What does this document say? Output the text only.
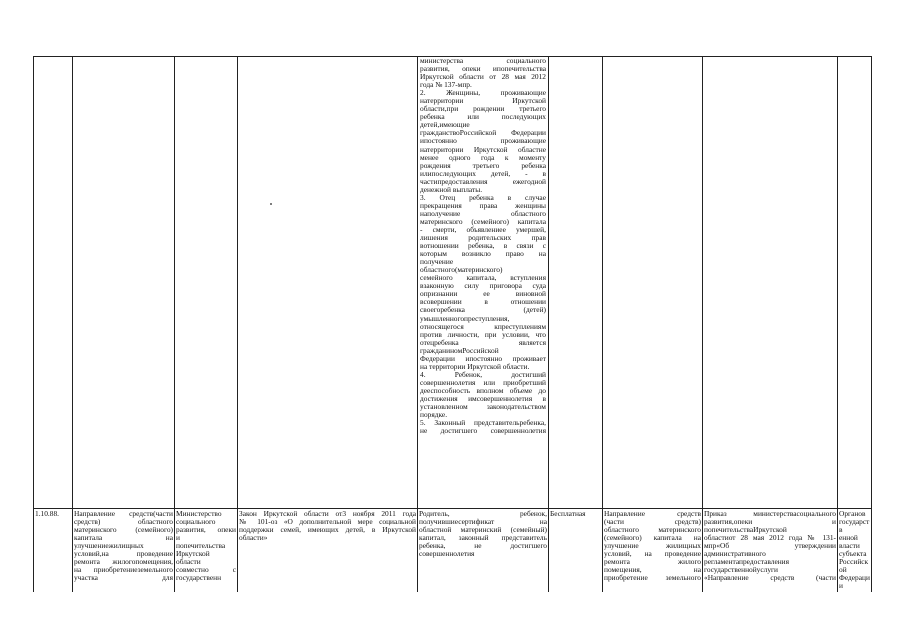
министерства социального
развития, опеки ипопечительства
Иркутской области от 28 мая 2012
года № 137-мпр.
2. Женщины, проживающие
натерритории Иркутской
области,при рождении третьего
ребенка или последующих
детей,имеющие
гражданствоРоссийской Федерации
ипостоянно проживающие
натерритории Иркутской областне
менее одного года к моменту
рождения третьего ребенка
илипоследующих детей, - в
частипредоставления ежегодной
денежной выплаты.
3. Отец ребенка в случае
прекращения права женщины
наполучение областного
материнского (семейного) капитала
- смерти, объявлениее умершей,
лишения родительских прав
вотношении ребенка, в связи с
которым возникло право на
получение
областного(материнского)
семейного капитала, вступления
взаконную силу приговора суда
опризнании ее виновной
всовершении в отношении
своегоребенка (детей)
умышленногопреступления,
относящегося кпреступлениям
против личности, при условии, что
отецребенка является
гражданиномРоссийской
Федерации ипостоянно проживает
на территории Иркутской области.
4. Ребенок, достигший
совершеннолетия или приобретший
дееспособность вполном объеме до
достижения имсовершеннолетия в
установленном законодательством
порядке.
5. Законный представительребенка,
не достигшего совершеннолетия
1.10.88.	Направление средств(части
средств) областного
материнского (семейного)
капитала на
улучшениежилищных
условий,на проведение
ремонта жилогопомещения,
на приобретениеземельного
участка для
Министерство
социального
развития, опеки
и
попечительства
Иркутской
области
совместно с
государственн
Закон Иркутской области от3 ноября 2011 года
№ 101-оз «О дополнительной мере социальной
поддержки семей, имеющих детей, в Иркутской
области»
Родитель, ребенок,
получившиесертификат на
областной материнский (семейный)
капитал, законный представитель
ребенка, не достигшего
совершеннолетия
Бесплатная	Направление средств
(части средств)
областного материнского
(семейного) капитала на
улучшение жилищных
условий, на проведение
ремонта жилого
помещения, на
приобретение земельного
Приказ министерствасоциального
развития,опеки и
попечительстваИркутской
областиот 28 мая 2012 года № 131-
мпр«Об утверждении
административного
регламентапредоставления
государственнойуслуги
«Направление средств (части
Органов
государств
енной
власти
субъекта
Российской
Федерации
